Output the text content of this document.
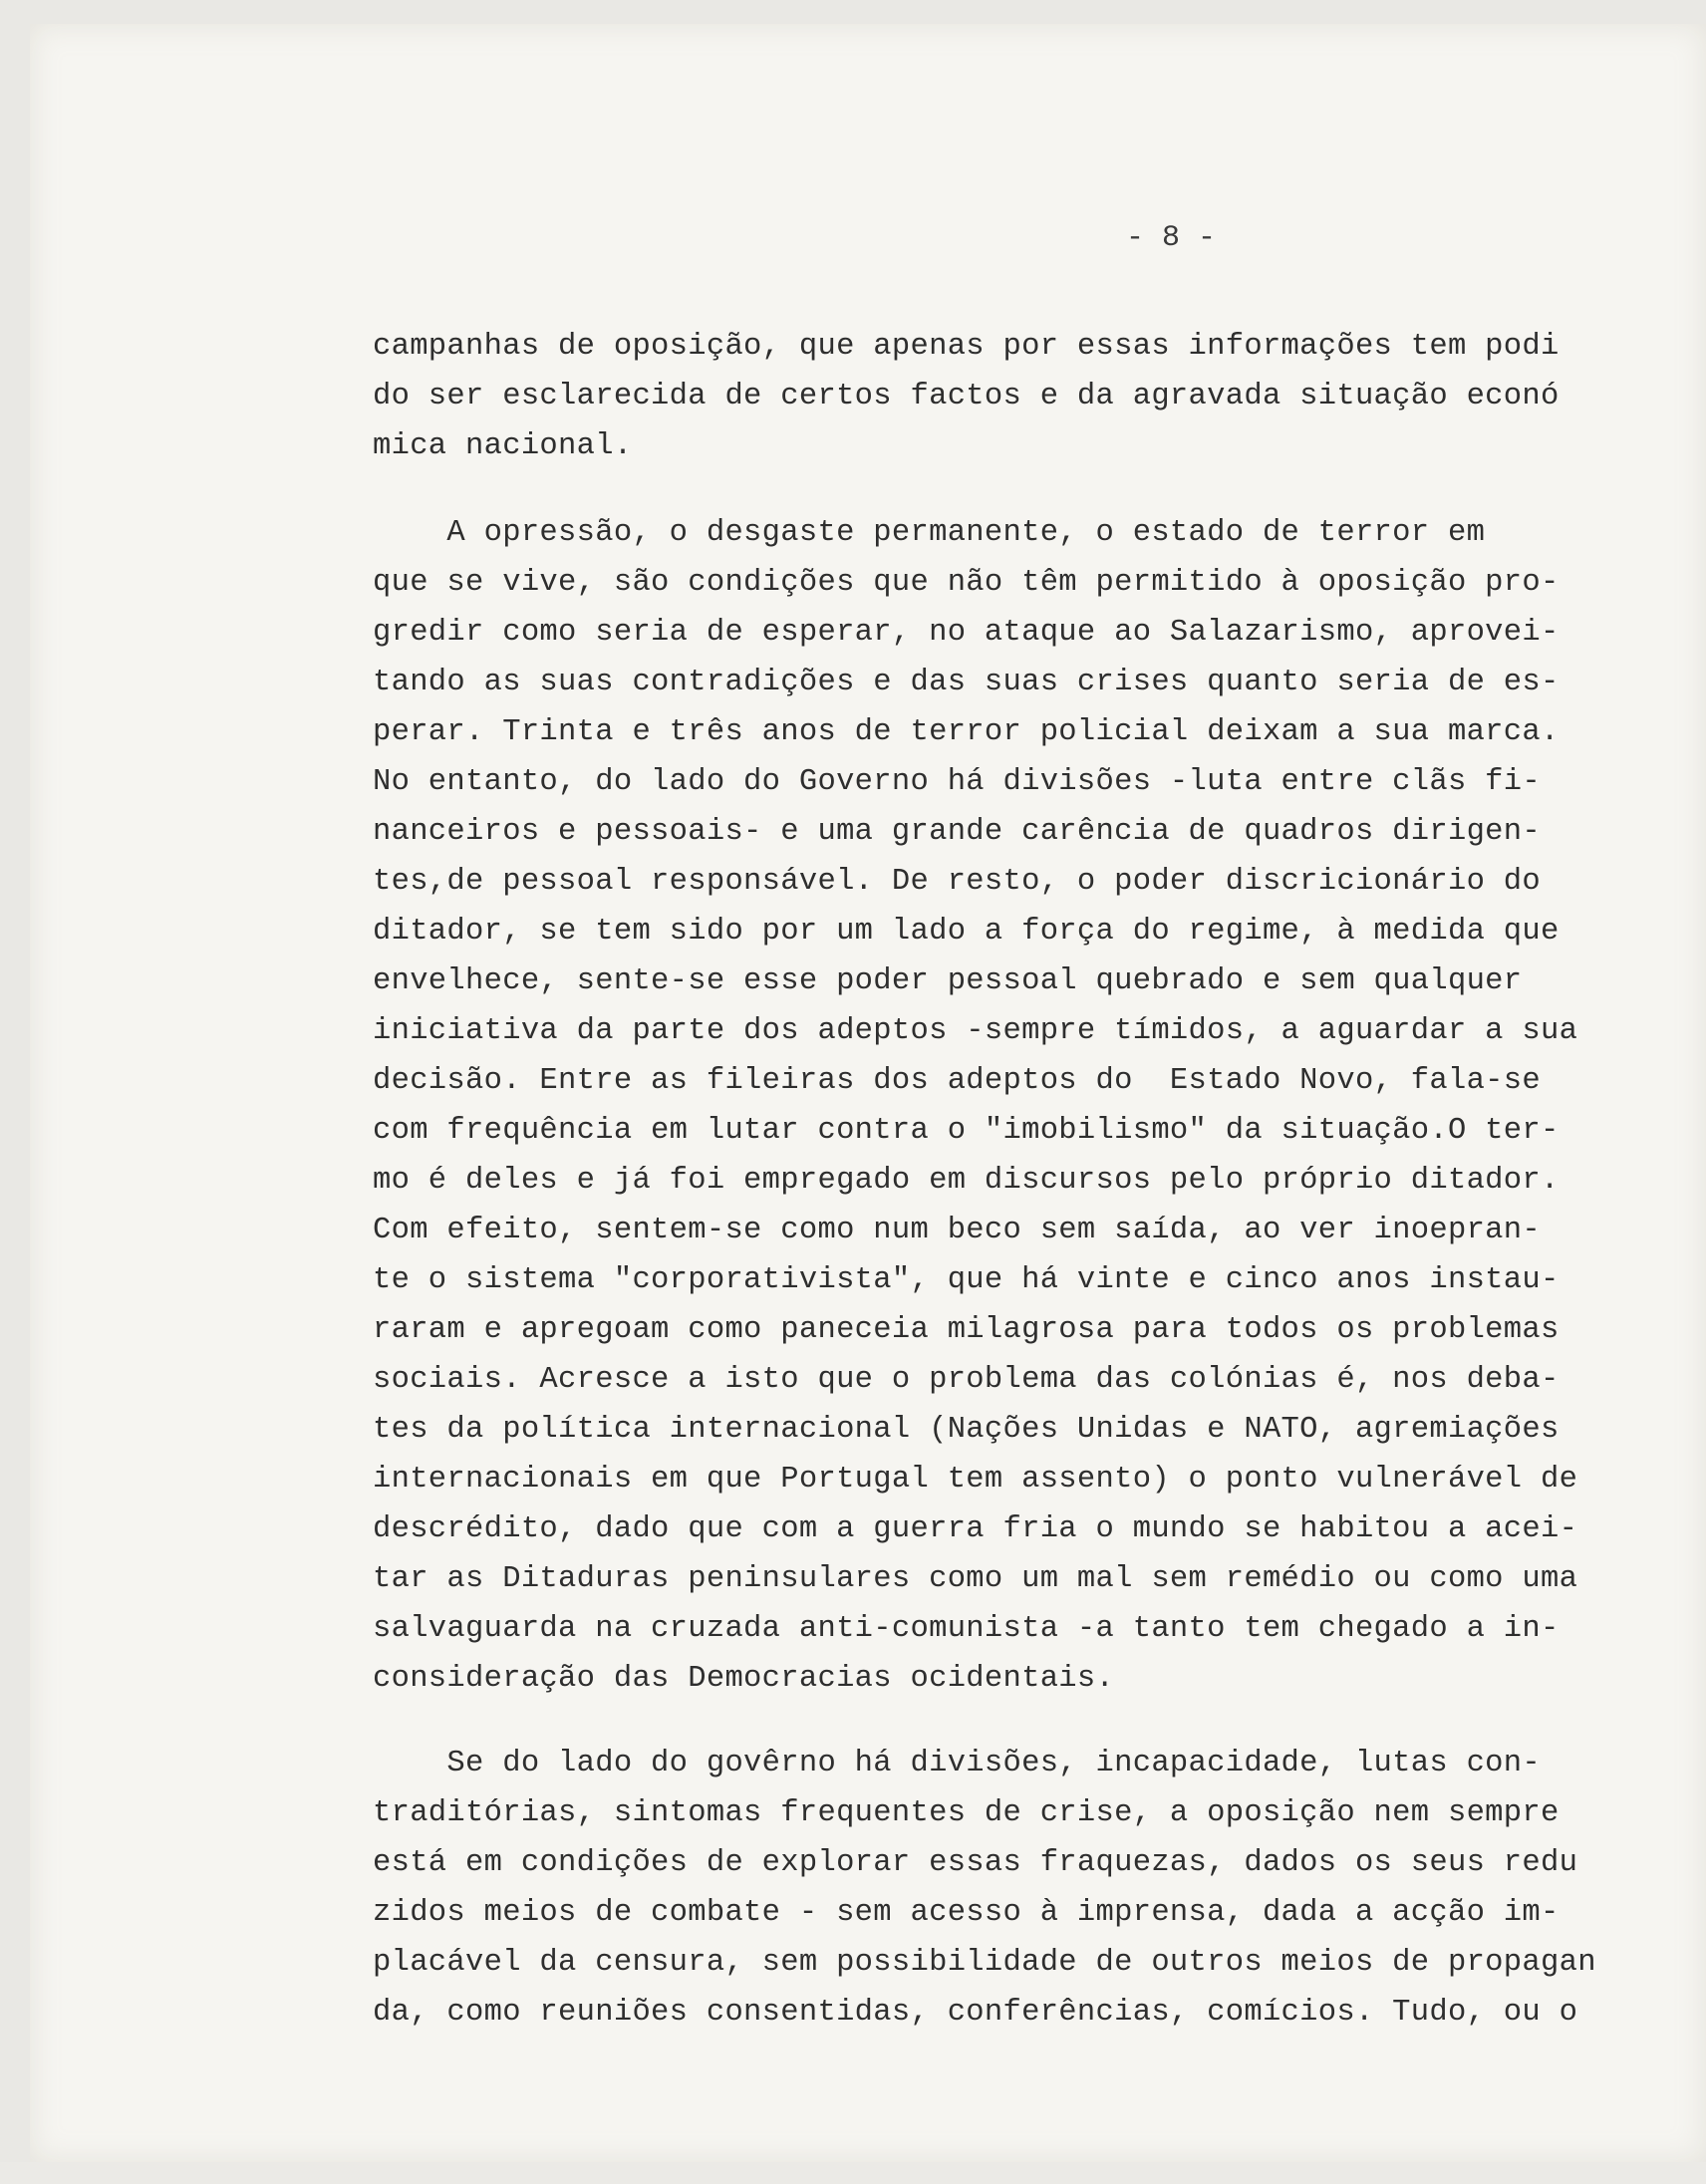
- 8 -
campanhas de oposição, que apenas por essas informações tem podi
do ser esclarecida de certos factos e da agravada situação econó
mica nacional.
A opressão, o desgaste permanente, o estado de terror em
que se vive, são condições que não têm permitido à oposição pro-
gredir como seria de esperar, no ataque ao Salazarismo, aprovei-
tando as suas contradições e das suas crises quanto seria de es-
perar. Trinta e três anos de terror policial deixam a sua marca.
No entanto, do lado do Governo há divisões -luta entre clãs fi-
nanceiros e pessoais- e uma grande carência de quadros dirigen-
tes,de pessoal responsável. De resto, o poder discricionário do
ditador, se tem sido por um lado a força do regime, à medida que
envelhece, sente-se esse poder pessoal quebrado e sem qualquer
iniciativa da parte dos adeptos -sempre tímidos, a aguardar a sua
decisão. Entre as fileiras dos adeptos do  Estado Novo, fala-se
com frequência em lutar contra o "imobilismo" da situação.O ter-
mo é deles e já foi empregado em discursos pelo próprio ditador.
Com efeito, sentem-se como num beco sem saída, ao ver inoepran-
te o sistema "corporativista", que há vinte e cinco anos instau-
raram e apregoam como paneceia milagrosa para todos os problemas
sociais. Acresce a isto que o problema das colónias é, nos deba-
tes da política internacional (Nações Unidas e NATO, agremiações
internacionais em que Portugal tem assento) o ponto vulnerável de
descrédito, dado que com a guerra fria o mundo se habitou a acei-
tar as Ditaduras peninsulares como um mal sem remédio ou como uma
salvaguarda na cruzada anti-comunista -a tanto tem chegado a in-
consideração das Democracias ocidentais.
Se do lado do govêrno há divisões, incapacidade, lutas con-
traditórias, sintomas frequentes de crise, a oposição nem sempre
está em condições de explorar essas fraquezas, dados os seus redu
zidos meios de combate - sem acesso à imprensa, dada a acção im-
placável da censura, sem possibilidade de outros meios de propagan
da, como reuniões consentidas, conferências, comícios. Tudo, ou o
